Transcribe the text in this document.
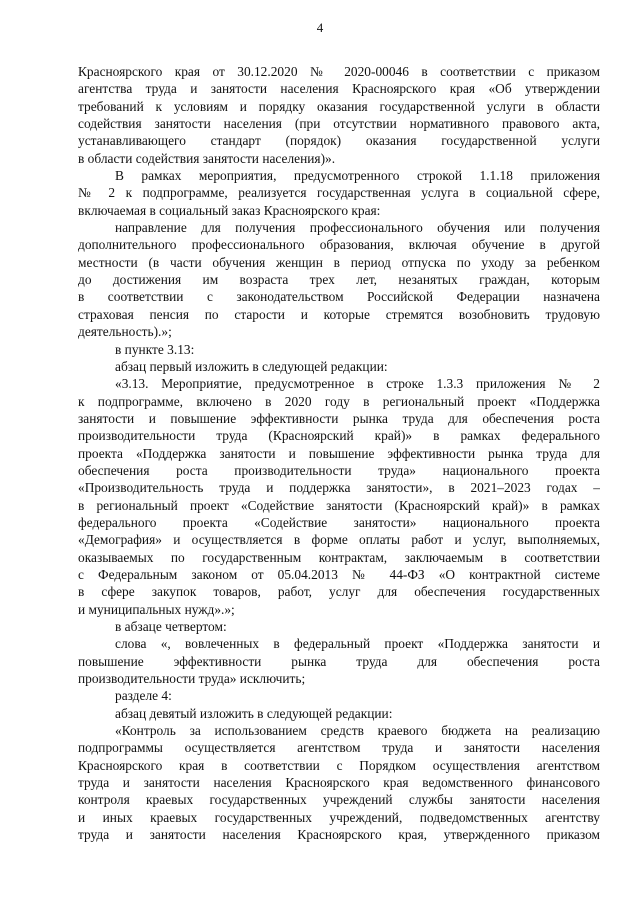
4
Красноярского края от 30.12.2020 № 2020-00046 в соответствии с приказом
агентства труда и занятости населения Красноярского края «Об утверждении
требований к условиям и порядку оказания государственной услуги в области
содействия занятости населения (при отсутствии нормативного правового акта,
устанавливающего стандарт (порядок) оказания государственной услуги
в области содействия занятости населения)».
В рамках мероприятия, предусмотренного строкой 1.1.18 приложения
№ 2 к подпрограмме, реализуется государственная услуга в социальной сфере,
включаемая в социальный заказ Красноярского края:
направление для получения профессионального обучения или получения
дополнительного профессионального образования, включая обучение в другой
местности (в части обучения женщин в период отпуска по уходу за ребенком
до достижения им возраста трех лет, незанятых граждан, которым
в соответствии с законодательством Российской Федерации назначена
страховая пенсия по старости и которые стремятся возобновить трудовую
деятельность).»;
в пункте 3.13:
абзац первый изложить в следующей редакции:
«3.13. Мероприятие, предусмотренное в строке 1.3.3 приложения № 2
к подпрограмме, включено в 2020 году в региональный проект «Поддержка
занятости и повышение эффективности рынка труда для обеспечения роста
производительности труда (Красноярский край)» в рамках федерального
проекта «Поддержка занятости и повышение эффективности рынка труда для
обеспечения роста производительности труда» национального проекта
«Производительность труда и поддержка занятости», в 2021–2023 годах –
в региональный проект «Содействие занятости (Красноярский край)» в рамках
федерального проекта «Содействие занятости» национального проекта
«Демография» и осуществляется в форме оплаты работ и услуг, выполняемых,
оказываемых по государственным контрактам, заключаемым в соответствии
с Федеральным законом от 05.04.2013 № 44-ФЗ «О контрактной системе
в сфере закупок товаров, работ, услуг для обеспечения государственных
и муниципальных нужд».»;
в абзаце четвертом:
слова «, вовлеченных в федеральный проект «Поддержка занятости и
повышение эффективности рынка труда для обеспечения роста
производительности труда» исключить;
разделе 4:
абзац девятый изложить в следующей редакции:
«Контроль за использованием средств краевого бюджета на реализацию
подпрограммы осуществляется агентством труда и занятости населения
Красноярского края в соответствии с Порядком осуществления агентством
труда и занятости населения Красноярского края ведомственного финансового
контроля краевых государственных учреждений службы занятости населения
и иных краевых государственных учреждений, подведомственных агентству
труда и занятости населения Красноярского края, утвержденного приказом
